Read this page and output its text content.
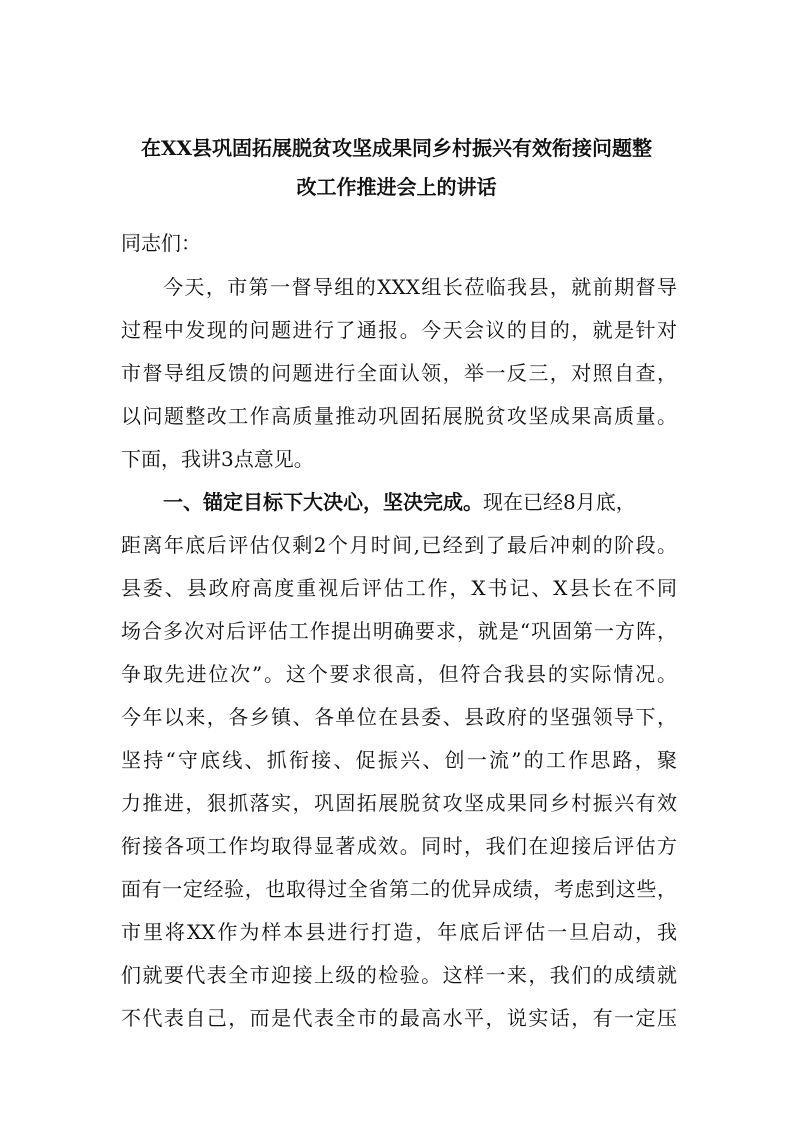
在XX县巩固拓展脱贫攻坚成果同乡村振兴有效衔接问题整
改工作推进会上的讲话
同志们：
今天，市第一督导组的XXX组长莅临我县，就前期督导
过程中发现的问题进行了通报。今天会议的目的，就是针对
市督导组反馈的问题进行全面认领，举一反三，对照自查，
以问题整改工作高质量推动巩固拓展脱贫攻坚成果高质量。
下面，我讲3点意见。
一、锚定目标下大决心，坚决完成。现在已经8月底，
距离年底后评估仅剩2个月时间,已经到了最后冲刺的阶段。
县委、县政府高度重视后评估工作，X书记、X县长在不同
场合多次对后评估工作提出明确要求，就是“巩固第一方阵，
争取先进位次”。这个要求很高，但符合我县的实际情况。
今年以来，各乡镇、各单位在县委、县政府的坚强领导下，
坚持“守底线、抓衔接、促振兴、创一流”的工作思路，聚
力推进，狠抓落实，巩固拓展脱贫攻坚成果同乡村振兴有效
衔接各项工作均取得显著成效。同时，我们在迎接后评估方
面有一定经验，也取得过全省第二的优异成绩，考虑到这些，
市里将XX作为样本县进行打造，年底后评估一旦启动，我
们就要代表全市迎接上级的检验。这样一来，我们的成绩就
不代表自己，而是代表全市的最高水平，说实话，有一定压
